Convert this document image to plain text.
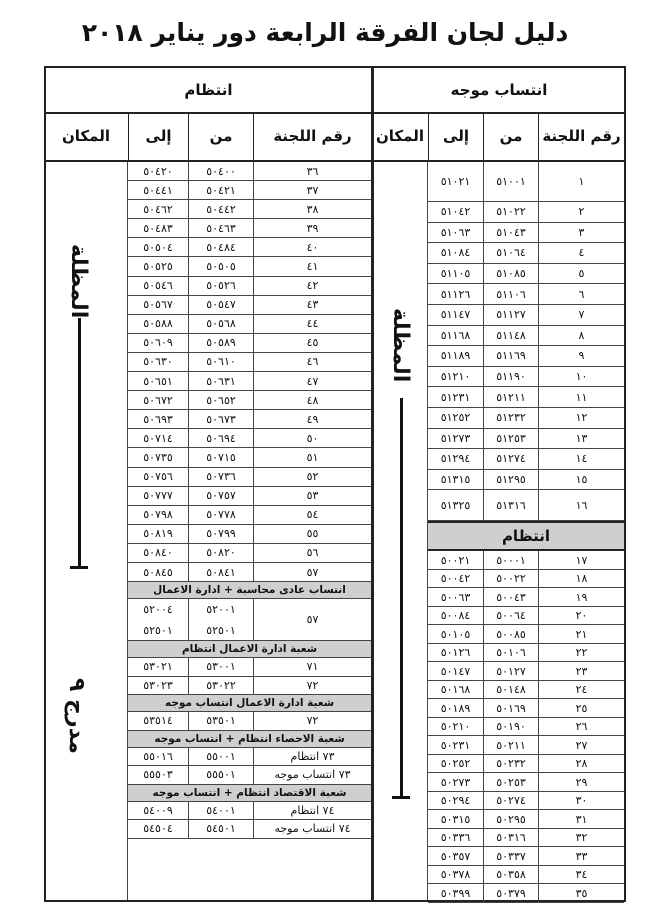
دليل لجان الفرقة الرابعة دور يناير ٢٠١٨
انتساب موجه
رقم اللجنة
من
إلى
المكان
١
٥١٠٠١
٥١٠٢١
٢
٥١٠٢٢
٥١٠٤٢
٣
٥١٠٤٣
٥١٠٦٣
٤
٥١٠٦٤
٥١٠٨٤
٥
٥١٠٨٥
٥١١٠٥
٦
٥١١٠٦
٥١١٢٦
٧
٥١١٢٧
٥١١٤٧
٨
٥١١٤٨
٥١١٦٨
٩
٥١١٦٩
٥١١٨٩
١٠
٥١١٩٠
٥١٢١٠
١١
٥١٢١١
٥١٢٣١
١٢
٥١٢٣٢
٥١٢٥٢
١٣
٥١٢٥٣
٥١٢٧٣
١٤
٥١٢٧٤
٥١٢٩٤
١٥
٥١٢٩٥
٥١٣١٥
١٦
٥١٣١٦
٥١٣٢٥
انتظام
١٧
٥٠٠٠١
٥٠٠٢١
١٨
٥٠٠٢٢
٥٠٠٤٢
١٩
٥٠٠٤٣
٥٠٠٦٣
٢٠
٥٠٠٦٤
٥٠٠٨٤
٢١
٥٠٠٨٥
٥٠١٠٥
٢٢
٥٠١٠٦
٥٠١٢٦
٢٣
٥٠١٢٧
٥٠١٤٧
٢٤
٥٠١٤٨
٥٠١٦٨
٢٥
٥٠١٦٩
٥٠١٨٩
٢٦
٥٠١٩٠
٥٠٢١٠
٢٧
٥٠٢١١
٥٠٢٣١
٢٨
٥٠٢٣٢
٥٠٢٥٢
٢٩
٥٠٢٥٣
٥٠٢٧٣
٣٠
٥٠٢٧٤
٥٠٢٩٤
٣١
٥٠٢٩٥
٥٠٣١٥
٣٢
٥٠٣١٦
٥٠٣٣٦
٣٣
٥٠٣٣٧
٥٠٣٥٧
٣٤
٥٠٣٥٨
٥٠٣٧٨
٣٥
٥٠٣٧٩
٥٠٣٩٩
المظلة
انتظام
رقم اللجنة
من
إلى
المكان
٣٦
٥٠٤٠٠
٥٠٤٢٠
٣٧
٥٠٤٢١
٥٠٤٤١
٣٨
٥٠٤٤٢
٥٠٤٦٢
٣٩
٥٠٤٦٣
٥٠٤٨٣
٤٠
٥٠٤٨٤
٥٠٥٠٤
٤١
٥٠٥٠٥
٥٠٥٢٥
٤٢
٥٠٥٢٦
٥٠٥٤٦
٤٣
٥٠٥٤٧
٥٠٥٦٧
٤٤
٥٠٥٦٨
٥٠٥٨٨
٤٥
٥٠٥٨٩
٥٠٦٠٩
٤٦
٥٠٦١٠
٥٠٦٣٠
٤٧
٥٠٦٣١
٥٠٦٥١
٤٨
٥٠٦٥٢
٥٠٦٧٢
٤٩
٥٠٦٧٣
٥٠٦٩٣
٥٠
٥٠٦٩٤
٥٠٧١٤
٥١
٥٠٧١٥
٥٠٧٣٥
٥٢
٥٠٧٣٦
٥٠٧٥٦
٥٣
٥٠٧٥٧
٥٠٧٧٧
٥٤
٥٠٧٧٨
٥٠٧٩٨
٥٥
٥٠٧٩٩
٥٠٨١٩
٥٦
٥٠٨٢٠
٥٠٨٤٠
٥٧
٥٠٨٤١
٥٠٨٤٥
انتساب عادى محاسبة + ادارة الاعمال
٥٧
٥٢٠٠١
٥٢٠٠٤
٥٢٥٠١
٥٢٥٠١
شعبة ادارة الاعمال انتظام
٧١
٥٣٠٠١
٥٣٠٢١
٧٢
٥٣٠٢٢
٥٣٠٢٣
شعبة ادارة الاعمال انتساب موجه
٧٢
٥٣٥٠١
٥٣٥١٤
شعبة الاحصاء انتظام + انتساب موجه
٧٣ انتظام
٥٥٠٠١
٥٥٠١٦
٧٣ انتساب موجه
٥٥٥٠١
٥٥٥٠٣
شعبة الاقتصاد انتظام + انتساب موجه
٧٤ انتظام
٥٤٠٠١
٥٤٠٠٩
٧٤ انتساب موجه
٥٤٥٠١
٥٤٥٠٤
المظلة
مدرج ٩
